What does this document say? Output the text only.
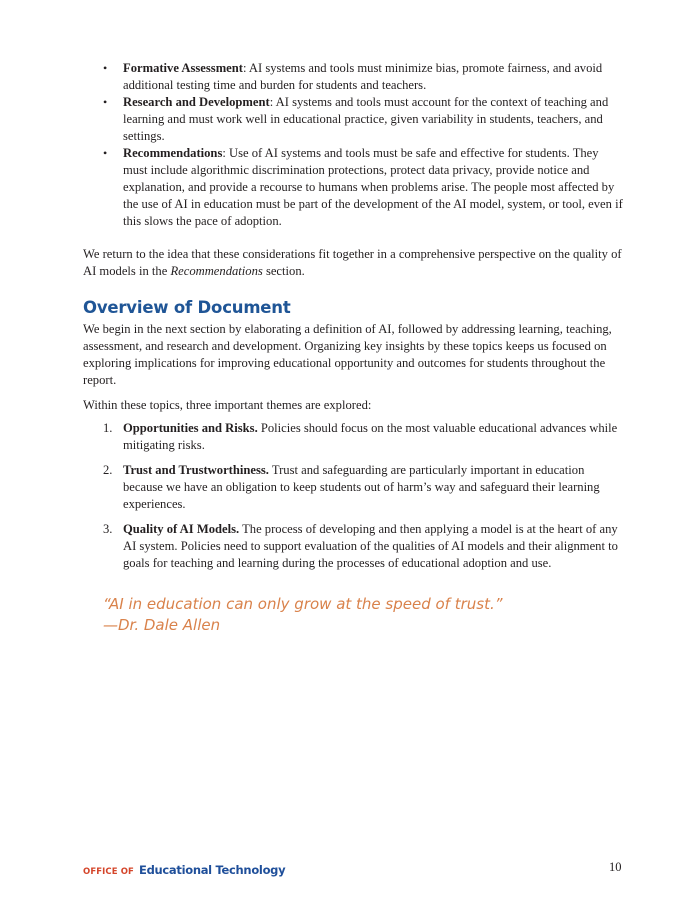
• Formative Assessment: AI systems and tools must minimize bias, promote fairness, and avoid additional testing time and burden for students and teachers.
• Research and Development: AI systems and tools must account for the context of teaching and learning and must work well in educational practice, given variability in students, teachers, and settings.
• Recommendations: Use of AI systems and tools must be safe and effective for students. They must include algorithmic discrimination protections, protect data privacy, provide notice and explanation, and provide a recourse to humans when problems arise. The people most affected by the use of AI in education must be part of the development of the AI model, system, or tool, even if this slows the pace of adoption.

We return to the idea that these considerations fit together in a comprehensive perspective on the quality of AI models in the Recommendations section.

Overview of Document

We begin in the next section by elaborating a definition of AI, followed by addressing learning, teaching, assessment, and research and development. Organizing key insights by these topics keeps us focused on exploring implications for improving educational opportunity and outcomes for students throughout the report.

Within these topics, three important themes are explored:

1. Opportunities and Risks. Policies should focus on the most valuable educational advances while mitigating risks.
2. Trust and Trustworthiness. Trust and safeguarding are particularly important in education because we have an obligation to keep students out of harm’s way and safeguard their learning experiences.
3. Quality of AI Models. The process of developing and then applying a model is at the heart of any AI system. Policies need to support evaluation of the qualities of AI models and their alignment to goals for teaching and learning during the processes of educational adoption and use.
“AI in education can only grow at the speed of trust.”
—Dr. Dale Allen
OFFICE OF Educational Technology	10
